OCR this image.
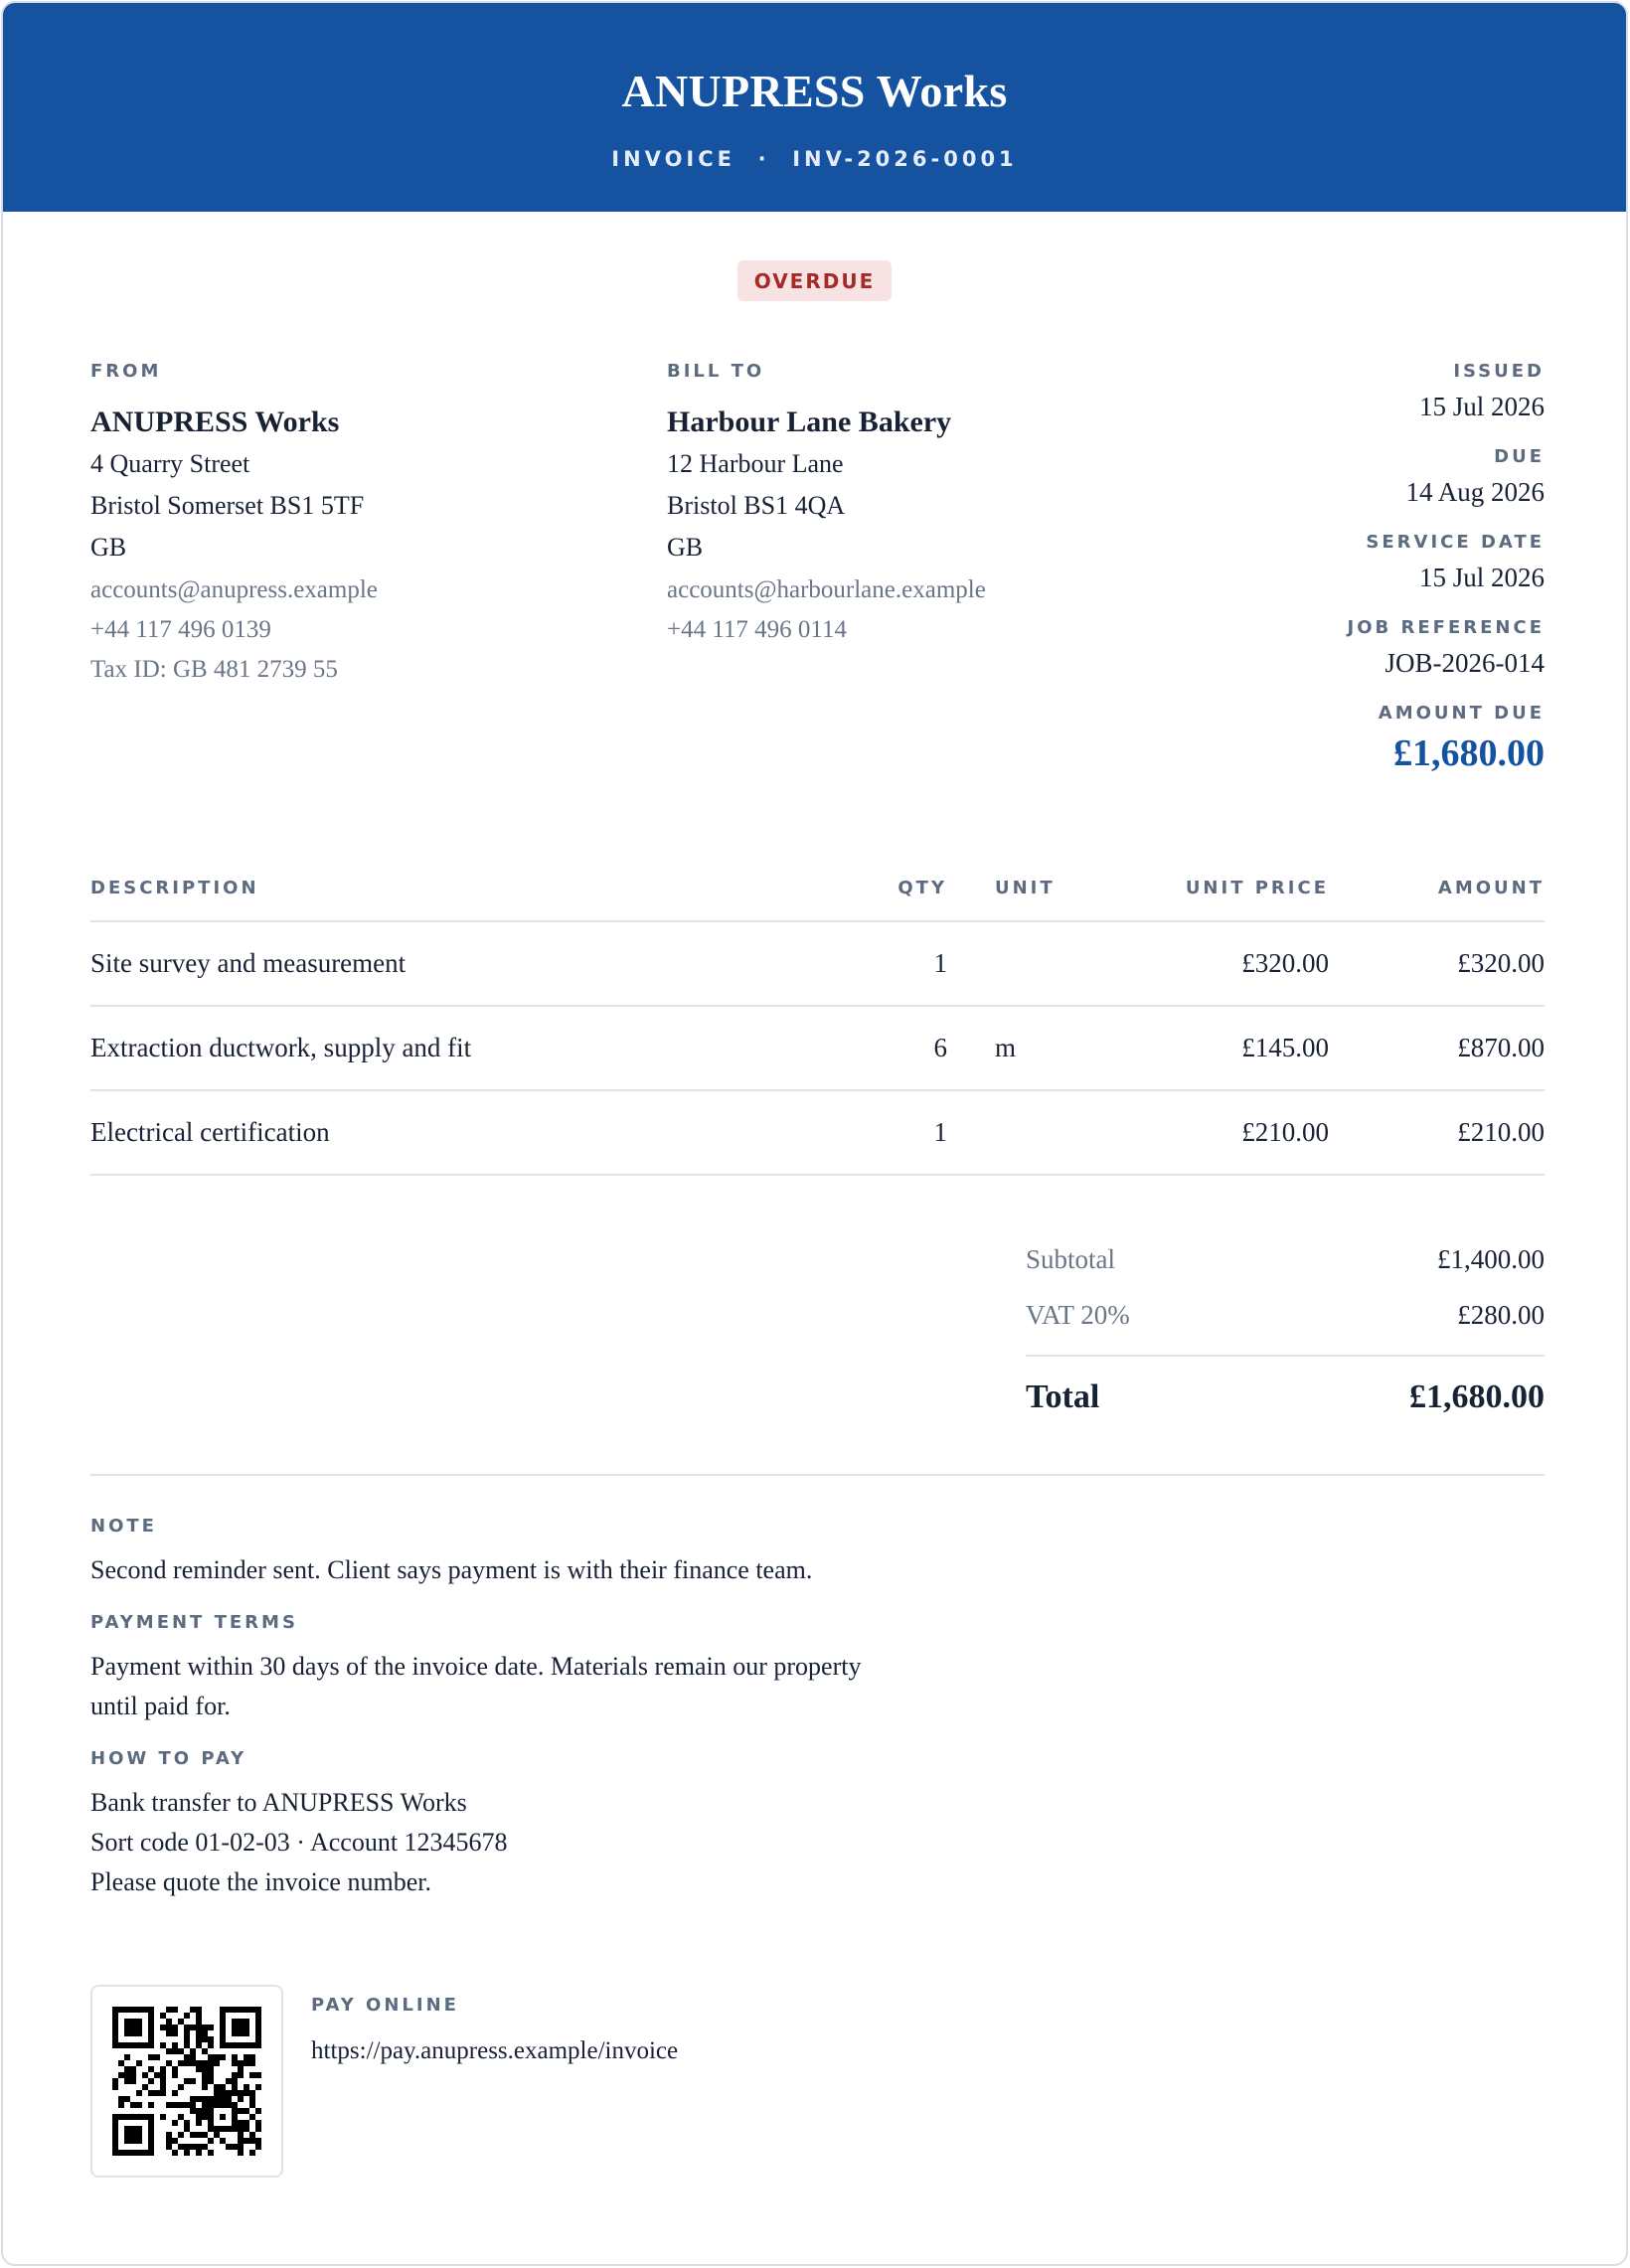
ANUPRESS Works
INVOICE · INV-2026-0001
OVERDUE
FROM
ANUPRESS Works
4 Quarry Street
Bristol Somerset BS1 5TF
GB
accounts@anupress.example
+44 117 496 0139
Tax ID: GB 481 2739 55
BILL TO
Harbour Lane Bakery
12 Harbour Lane
Bristol BS1 4QA
GB
accounts@harbourlane.example
+44 117 496 0114
ISSUED
15 Jul 2026
DUE
14 Aug 2026
SERVICE DATE
15 Jul 2026
JOB REFERENCE
JOB-2026-014
AMOUNT DUE
£1,680.00
DESCRIPTION	QTY	UNIT	UNIT PRICE	AMOUNT
Site survey and measurement	1		£320.00	£320.00
Extraction ductwork, supply and fit	6	m	£145.00	£870.00
Electrical certification	1		£210.00	£210.00
Subtotal	£1,400.00
VAT 20%	£280.00
Total	£1,680.00
NOTE
Second reminder sent. Client says payment is with their finance team.
PAYMENT TERMS
Payment within 30 days of the invoice date. Materials remain our property
until paid for.
HOW TO PAY
Bank transfer to ANUPRESS Works
Sort code 01-02-03 · Account 12345678
Please quote the invoice number.
PAY ONLINE
https://pay.anupress.example/invoice
